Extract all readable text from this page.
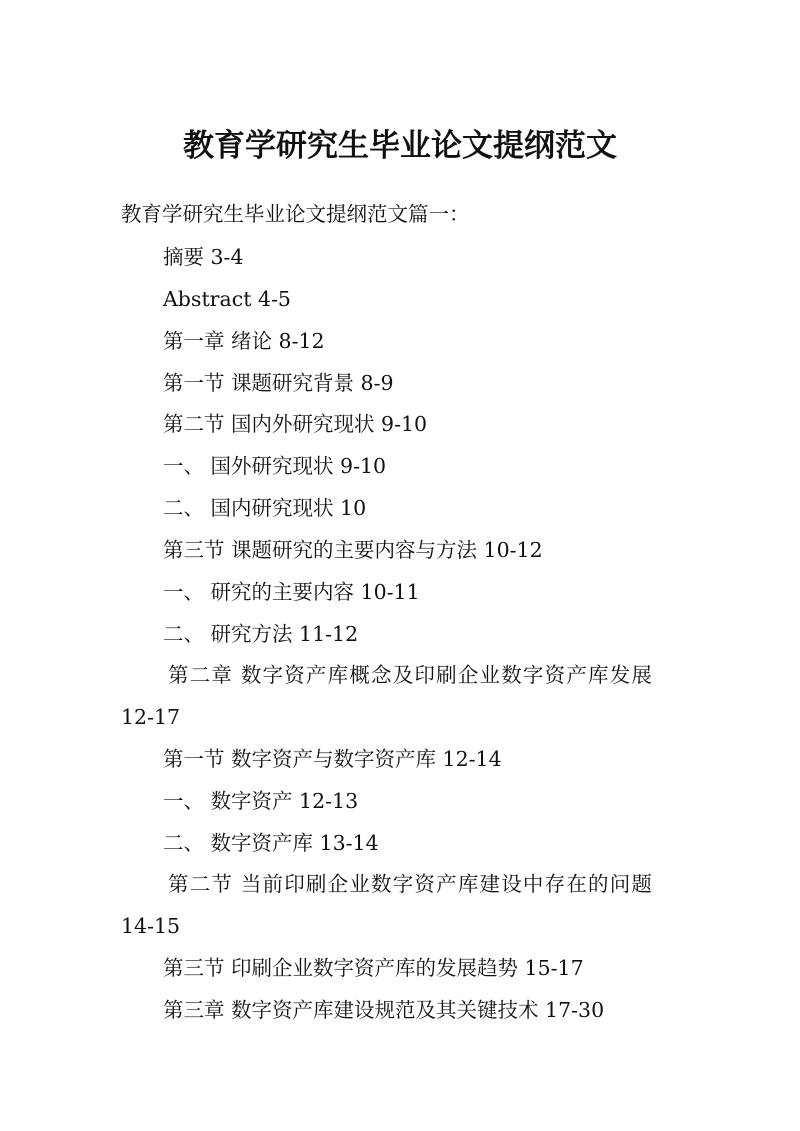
教育学研究生毕业论文提纲范文
教育学研究生毕业论文提纲范文篇一：
摘要 3-4
Abstract 4-5
第一章 绪论 8-12
第一节 课题研究背景 8-9
第二节 国内外研究现状 9-10
一、 国外研究现状 9-10
二、 国内研究现状 10
第三节 课题研究的主要内容与方法 10-12
一、 研究的主要内容 10-11
二、 研究方法 11-12
第二章 数字资产库概念及印刷企业数字资产库发展
12-17
第一节 数字资产与数字资产库 12-14
一、 数字资产 12-13
二、 数字资产库 13-14
第二节 当前印刷企业数字资产库建设中存在的问题
14-15
第三节 印刷企业数字资产库的发展趋势 15-17
第三章 数字资产库建设规范及其关键技术 17-30
